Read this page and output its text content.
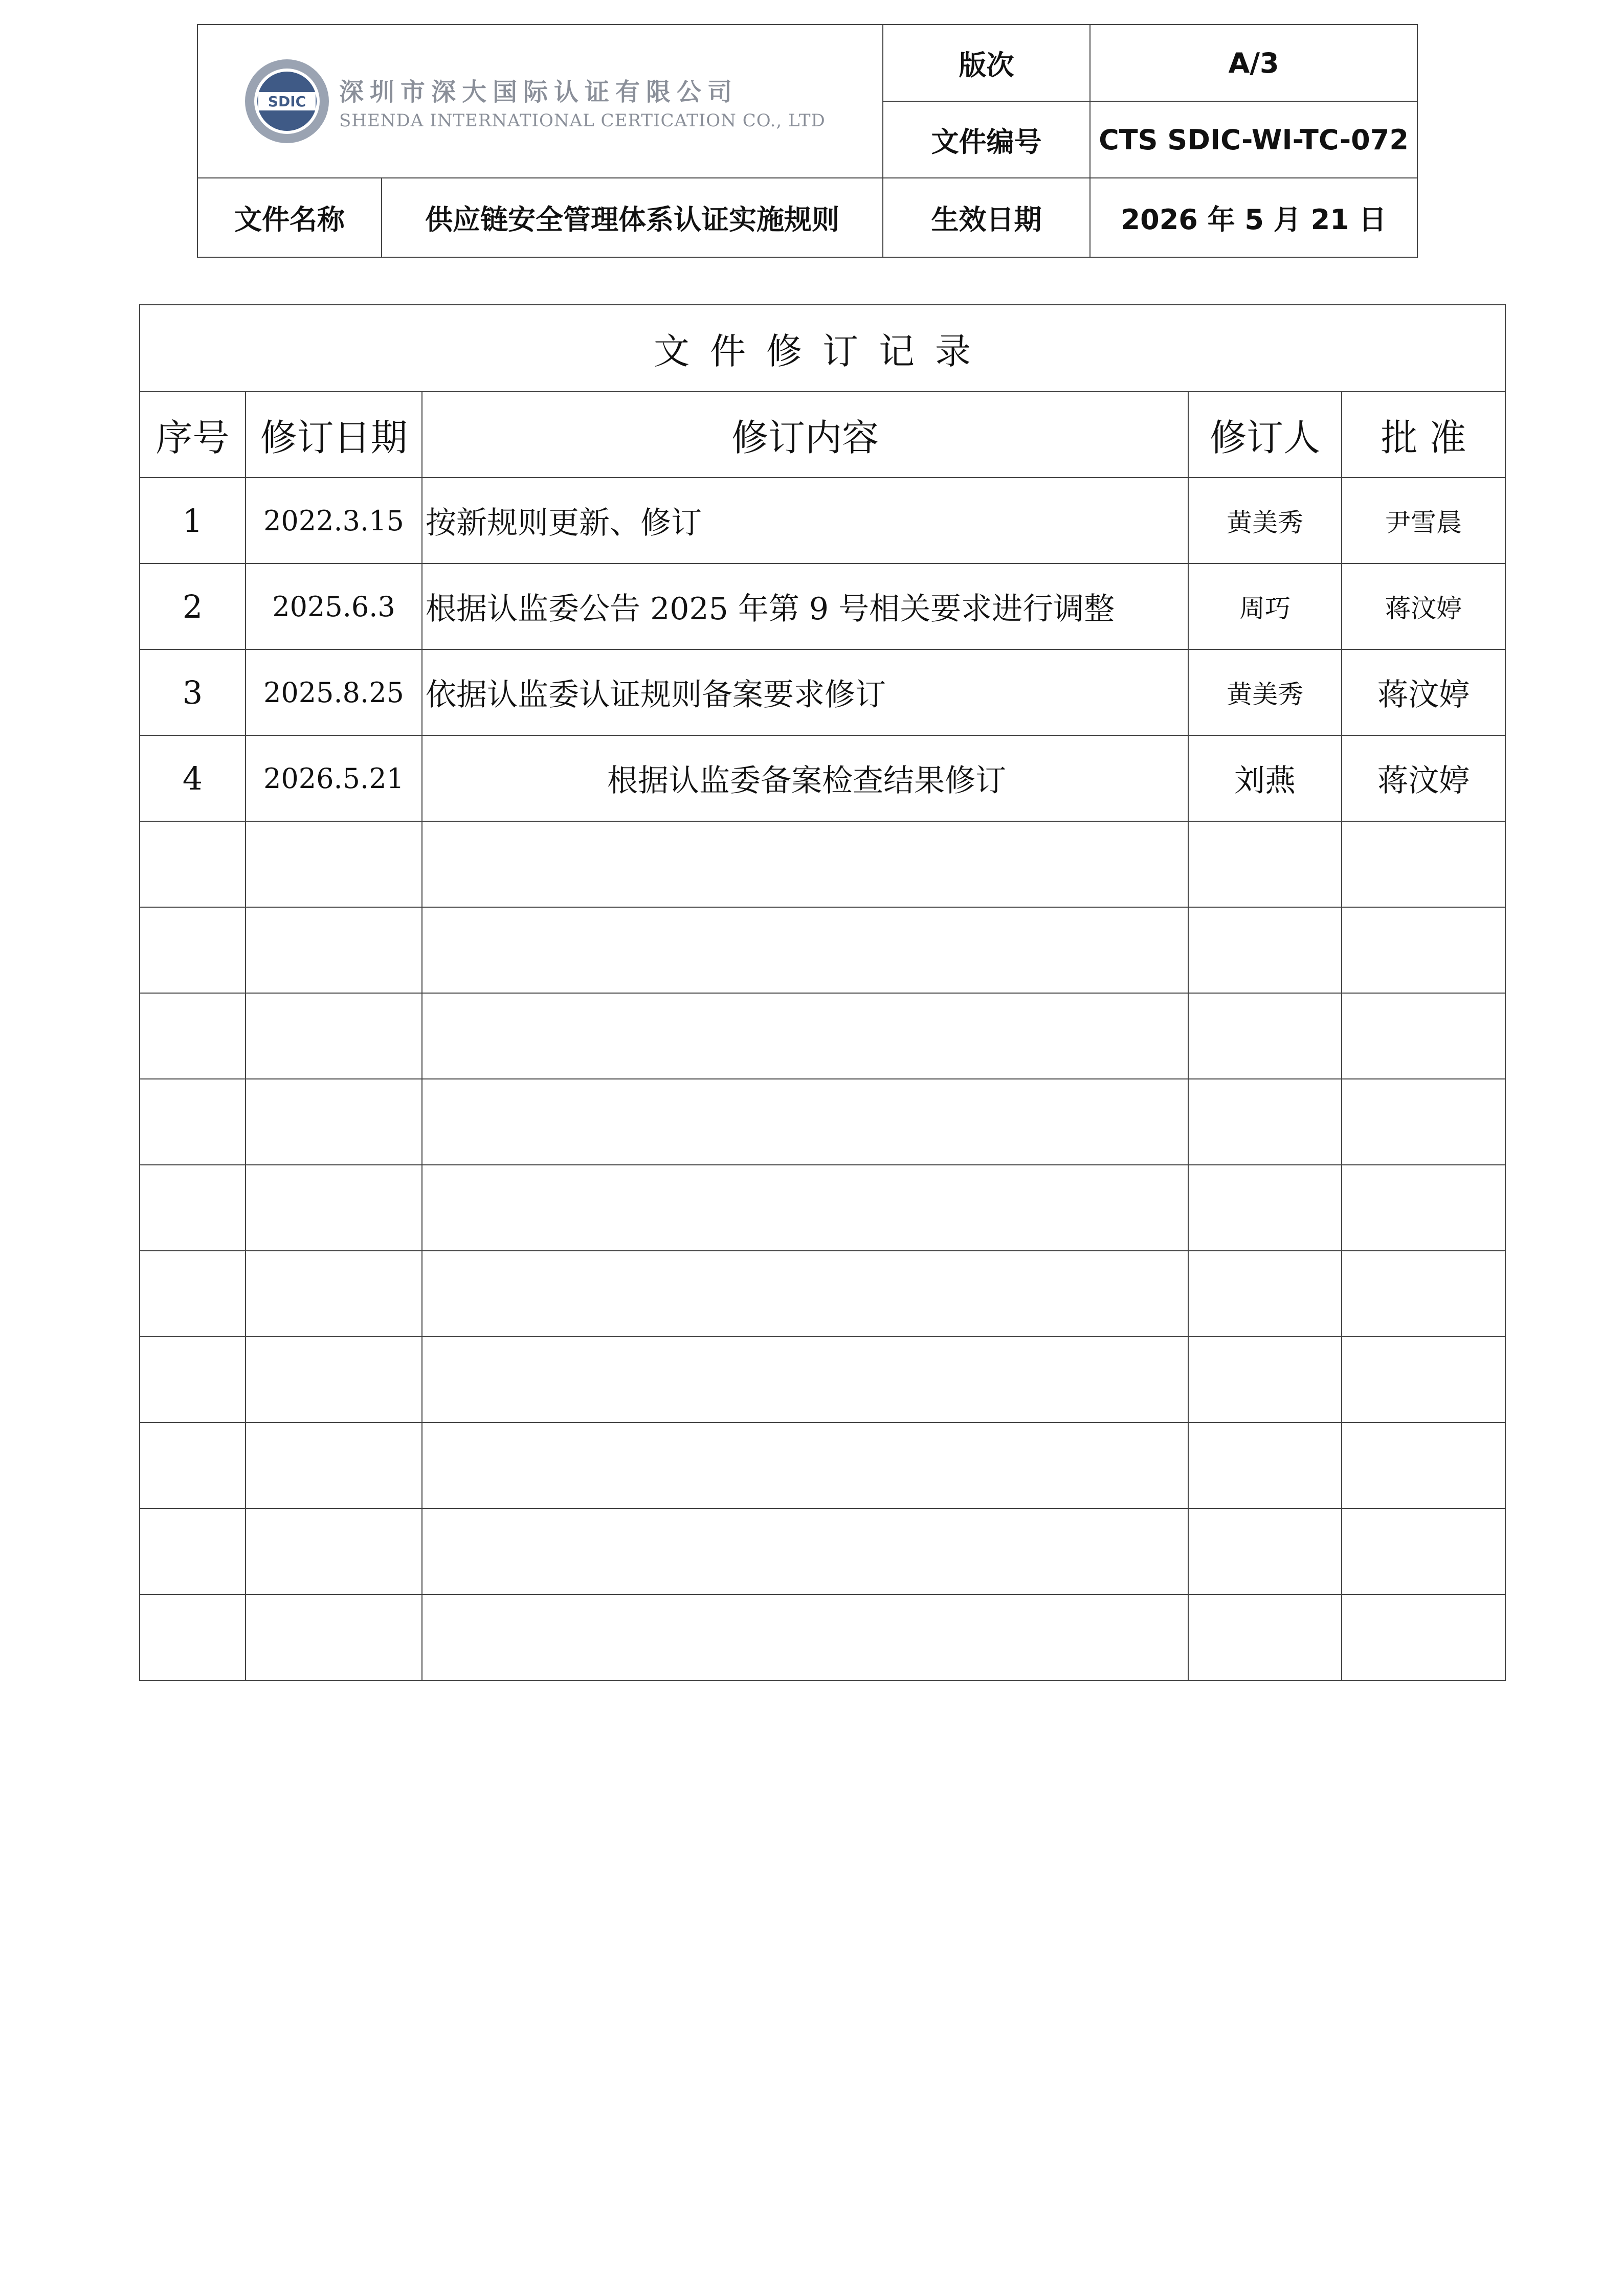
SDIC 深圳市深大国际认证有限公司
SHENDA INTERNATIONAL CERTICATION CO., LTD		版次	A/3
		文件编号	CTS SDIC-WI-TC-072
文件名称	供应链安全管理体系认证实施规则	生效日期	2026 年 5 月 21 日
文件修订记录				
序号	修订日期	修订内容	修订人	批 准
1	2022.3.15	按新规则更新、修订	黄美秀	尹雪晨
2	2025.6.3	根据认监委公告 2025 年第 9 号相关要求进行调整	周巧	蒋汶婷
3	2025.8.25	依据认监委认证规则备案要求修订	黄美秀	蒋汶婷
4	2026.5.21	根据认监委备案检查结果修订	刘燕	蒋汶婷
